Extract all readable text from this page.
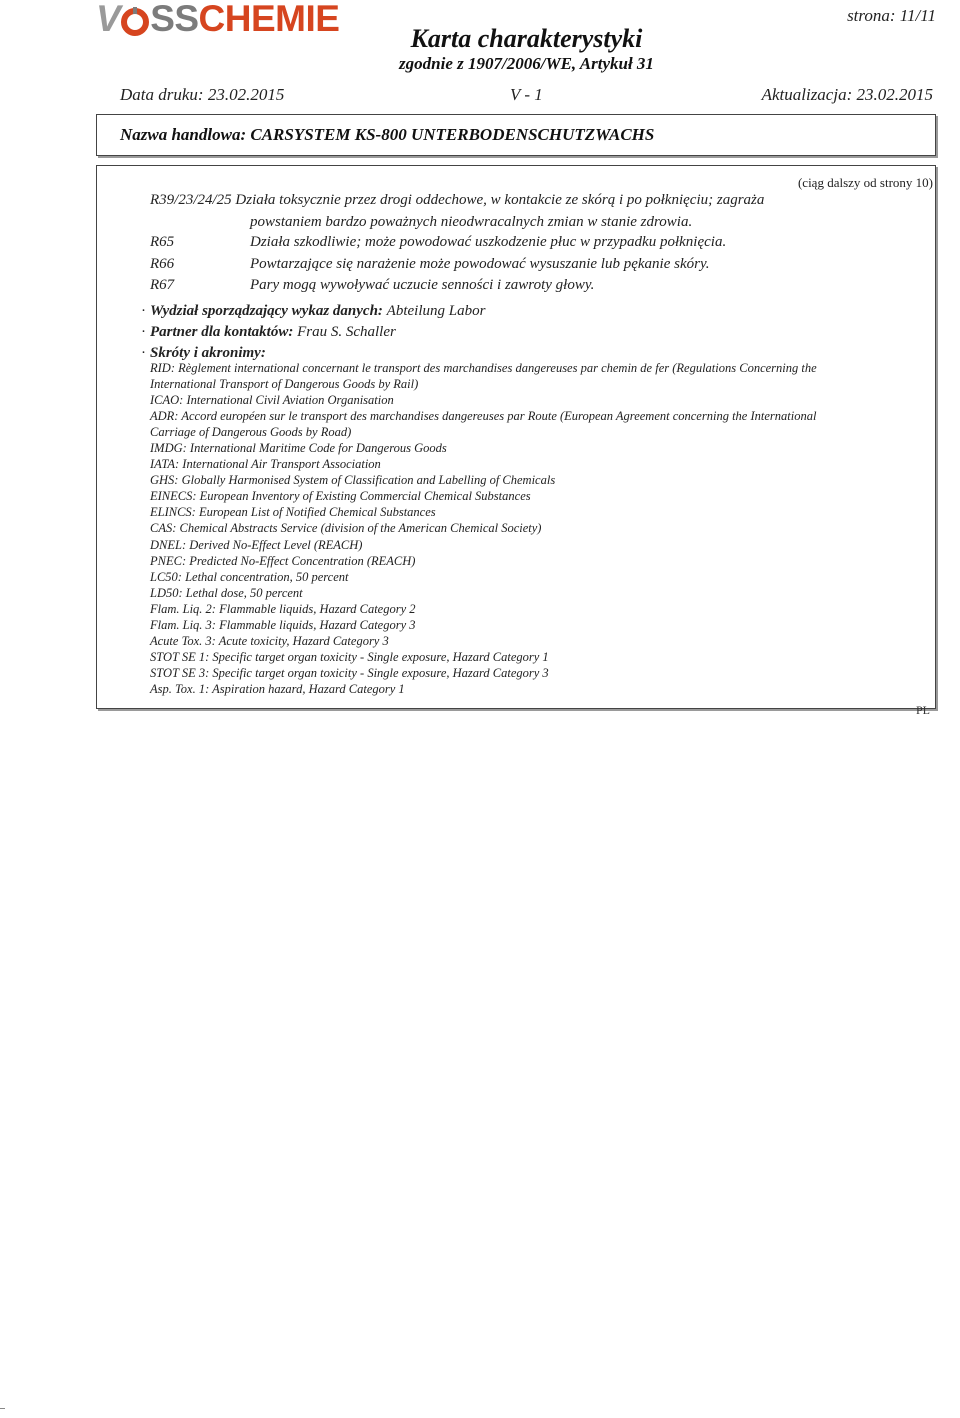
V SSCHEMIE	strona: 11/11
Karta charakterystyki
zgodnie z 1907/2006/WE, Artykuł 31
Data druku: 23.02.2015	V - 1	Aktualizacja: 23.02.2015
Nazwa handlowa: CARSYSTEM KS-800 UNTERBODENSCHUTZWACHS
(ciąg dalszy od strony 10)
R39/23/24/25 Działa toksycznie przez drogi oddechowe, w kontakcie ze skórą i po połknięciu; zagraża
powstaniem bardzo poważnych nieodwracalnych zmian w stanie zdrowia.
R65	Działa szkodliwie; może powodować uszkodzenie płuc w przypadku połknięcia.
R66	Powtarzające się narażenie może powodować wysuszanie lub pękanie skóry.
R67	Pary mogą wywoływać uczucie senności i zawroty głowy.
· Wydział sporządzający wykaz danych: Abteilung Labor
· Partner dla kontaktów: Frau S. Schaller
· Skróty i akronimy:
RID: Règlement international concernant le transport des marchandises dangereuses par chemin de fer (Regulations Concerning the
International Transport of Dangerous Goods by Rail)
ICAO: International Civil Aviation Organisation
ADR: Accord européen sur le transport des marchandises dangereuses par Route (European Agreement concerning the International
Carriage of Dangerous Goods by Road)
IMDG: International Maritime Code for Dangerous Goods
IATA: International Air Transport Association
GHS: Globally Harmonised System of Classification and Labelling of Chemicals
EINECS: European Inventory of Existing Commercial Chemical Substances
ELINCS: European List of Notified Chemical Substances
CAS: Chemical Abstracts Service (division of the American Chemical Society)
DNEL: Derived No-Effect Level (REACH)
PNEC: Predicted No-Effect Concentration (REACH)
LC50: Lethal concentration, 50 percent
LD50: Lethal dose, 50 percent
Flam. Liq. 2: Flammable liquids, Hazard Category 2
Flam. Liq. 3: Flammable liquids, Hazard Category 3
Acute Tox. 3: Acute toxicity, Hazard Category 3
STOT SE 1: Specific target organ toxicity - Single exposure, Hazard Category 1
STOT SE 3: Specific target organ toxicity - Single exposure, Hazard Category 3
Asp. Tox. 1: Aspiration hazard, Hazard Category 1
PL
